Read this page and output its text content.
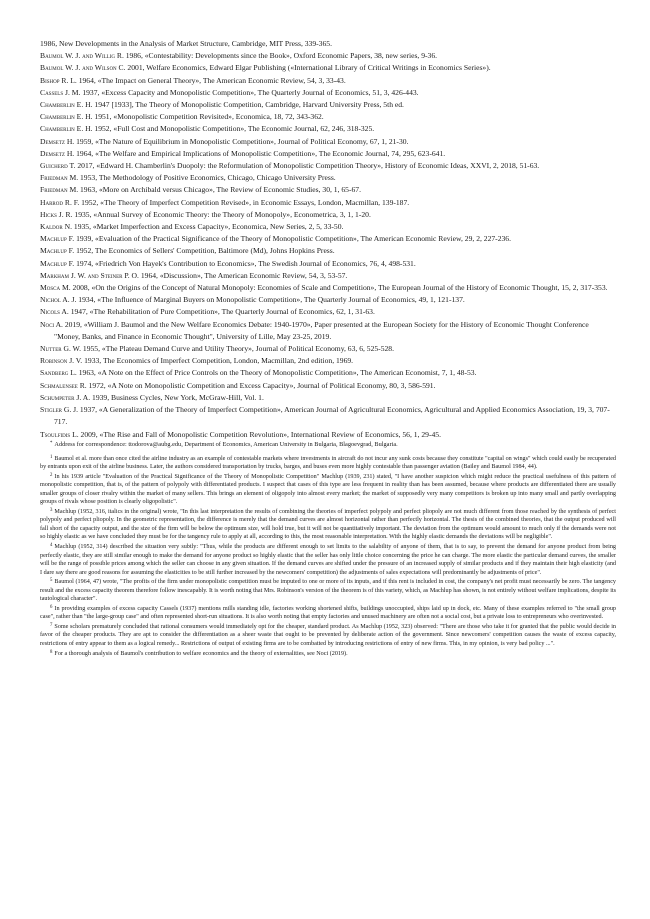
1986, New Developments in the Analysis of Market Structure, Cambridge, MIT Press, 339-365.

Baumol W. J. and Willig R. 1986, «Contestability: Developments since the Book», Oxford Economic Papers, 38, new series, 9-36.

Baumol W. J. and Wilson C. 2001, Welfare Economics, Edward Elgar Publishing («International Library of Critical Writings in Economics Series»).

Bishop R. L. 1964, «The Impact on General Theory», The American Economic Review, 54, 3, 33-43.

Cassels J. M. 1937, «Excess Capacity and Monopolistic Competition», The Quarterly Journal of Economics, 51, 3, 426-443.

Chamberlin E. H. 1947 [1933], The Theory of Monopolistic Competition, Cambridge, Harvard University Press, 5th ed.

Chamberlin E. H. 1951, «Monopolistic Competition Revisited», Economica, 18, 72, 343-362.

Chamberlin E. H. 1952, «Full Cost and Monopolistic Competition», The Economic Journal, 62, 246, 318-325.

Demsetz H. 1959, «The Nature of Equilibrium in Monopolistic Competition», Journal of Political Economy, 67, 1, 21-30.

Demsetz H. 1964, «The Welfare and Empirical Implications of Monopolistic Competition», The Economic Journal, 74, 295, 623-641.

Guicherd T. 2017, «Edward H. Chamberlin's Duopoly: the Reformulation of Monopolistic Competition Theory», History of Economic Ideas, XXVI, 2, 2018, 51-63.

Friedman M. 1953, The Methodology of Positive Economics, Chicago, Chicago University Press.

Friedman M. 1963, «More on Archibald versus Chicago», The Review of Economic Studies, 30, 1, 65-67.

Harrod R. F. 1952, «The Theory of Imperfect Competition Revised», in Economic Essays, London, Macmillan, 139-187.

Hicks J. R. 1935, «Annual Survey of Economic Theory: the Theory of Monopoly», Econometrica, 3, 1, 1-20.

Kaldor N. 1935, «Market Imperfection and Excess Capacity», Economica, New Series, 2, 5, 33-50.

Machlup F. 1939, «Evaluation of the Practical Significance of the Theory of Monopolistic Competition», The American Economic Review, 29, 2, 227-236.

Machlup F. 1952, The Economics of Sellers' Competition, Baltimore (Md), Johns Hopkins Press.

Machlup F. 1974, «Friedrich Von Hayek's Contribution to Economics», The Swedish Journal of Economics, 76, 4, 498-531.

Markham J. W. and Steiner P. O. 1964, «Discussion», The American Economic Review, 54, 3, 53-57.

Mosca M. 2008, «On the Origins of the Concept of Natural Monopoly: Economies of Scale and Competition», The European Journal of the History of Economic Thought, 15, 2, 317-353.

Nichol A. J. 1934, «The Influence of Marginal Buyers on Monopolistic Competition», The Quarterly Journal of Economics, 49, 1, 121-137.

Nicols A. 1947, «The Rehabilitation of Pure Competition», The Quarterly Journal of Economics, 62, 1, 31-63.

Noci A. 2019, «William J. Baumol and the New Welfare Economics Debate: 1940-1970», Paper presented at the European Society for the History of Economic Thought Conference "Money, Banks, and Finance in Economic Thought", University of Lille, May 23-25, 2019.

Nutter G. W. 1955, «The Plateau Demand Curve and Utility Theory», Journal of Political Economy, 63, 6, 525-528.

Robinson J. V. 1933, The Economics of Imperfect Competition, London, Macmillan, 2nd edition, 1969.

Sandberg L. 1963, «A Note on the Effect of Price Controls on the Theory of Monopolistic Competition», The American Economist, 7, 1, 48-53.

Schmalensee R. 1972, «A Note on Monopolistic Competition and Excess Capacity», Journal of Political Economy, 80, 3, 586-591.

Schumpeter J. A. 1939, Business Cycles, New York, McGraw-Hill, Vol. 1.

Stigler G. J. 1937, «A Generalization of the Theory of Imperfect Competition», American Journal of Agricultural Economics, Agricultural and Applied Economics Association, 19, 3, 707-717.

Tsoulfidis L. 2009, «The Rise and Fall of Monopolistic Competition Revolution», International Review of Economics, 56, 1, 29-45.

* Address for correspondence: ttodorova@aubg.edu, Department of Economics, American University in Bulgaria, Blagoevgrad, Bulgaria.

$^1$ Baumol et al. more than once cited the airline industry as an example of contestable markets where investments in aircraft do not incur any sunk costs because they constitute "capital on wings" which could easily be recuperated by entrants upon exit of the airline business. Later, the authors considered transportation by trucks, barges, and buses even more highly contestable than passenger aviation (Bailey and Baumol 1984, 44).

$^2$ In his 1939 article "Evaluation of the Practical Significance of the Theory of Monopolistic Competition" Machlup (1939, 231) stated, "I have another suspicion which might reduce the practical usefulness of this pattern of monopolistic competition, that is, of the pattern of polypoly with differentiated products. I suspect that cases of this type are less frequent in reality than has been assumed, because where products are differentiated there are usually smaller groups of closer rivalry within the market of many sellers. This brings an element of oligopoly into almost every market; the market of supposedly very many competitors is broken up into many small and partly overlapping groups of rivals whose position is clearly oligopolistic".

$^3$ Machlup (1952, 316, italics in the original) wrote, "In this last interpretation the results of combining the theories of imperfect polypoly and perfect pliopoly are not much different from those reached by the synthesis of perfect polypoly and perfect pliopoly. In the geometric representation, the difference is merely that the demand curves are almost horizontal rather than perfectly horizontal. The thesis of the combined theories, that the output produced will fall short of the capacity output, and the size of the firm will be below the optimum size, will hold true, but it will not be quantitatively important. The deviation from the optimum would amount to much only if the demands were not so highly elastic as we have concluded they must be for the tangency rule to apply at all, according to this, the most reasonable interpretation. With the highly elastic demands the deviations will be negligible".

$^4$ Machlup (1952, 314) described the situation very subtly: "Thus, while the products are different enough to set limits to the salability of anyone of them, that is to say, to prevent the demand for anyone product from being perfectly elastic, they are still similar enough to make the demand for anyone product so highly elastic that the seller has only little choice concerning the price he can charge. The more elastic the particular demand curves, the smaller will be the range of possible prices among which the seller can choose in any given situation. If the demand curves are shifted under the pressure of an increased supply of similar products and if they maintain their high elasticity (and I dare say there are good reasons for assuming the elasticities to be still further increased by the newcomers' competition) the adjustments of sales expectations will predominantly be adjustments of price".

$^5$ Baumol (1964, 47) wrote, "The profits of the firm under monopolistic competition must be imputed to one or more of its inputs, and if this rent is included in cost, the company's net profit must necessarily be zero. The tangency result and the excess capacity theorem therefore follow inescapably. It is worth noting that Mrs. Robinson's version of the theorem is of this variety, which, as Machlup has shown, is not entirely without welfare implications, despite its tautological character".

$^6$ In providing examples of excess capacity Cassels (1937) mentions mills standing idle, factories working shortened shifts, buildings unoccupied, ships laid up in dock, etc. Many of these examples referred to "the small group case", rather than "the large-group case" and often represented short-run situations. It is also worth noting that empty factories and unused machinery are often not a social cost, but a private loss to entrepreneurs who overinvested.

$^7$ Some scholars prematurely concluded that rational consumers would immediately opt for the cheaper, standard product. As Machlup (1952, 323) observed: "There are those who take it for granted that the public would decide in favor of the cheaper products. They are apt to consider the differentiation as a sheer waste that ought to be prevented by deliberate action of the government. Since newcomers' competition causes the waste of excess capacity, restrictions of entry appear to them as a logical remedy... Restrictions of output of existing firms are to be combatted by introducing restrictions of entry of new firms. This, in my opinion, is very bad policy ...".

$^8$ For a thorough analysis of Baumol's contribution to welfare economics and the theory of externalities, see Noci (2019).
